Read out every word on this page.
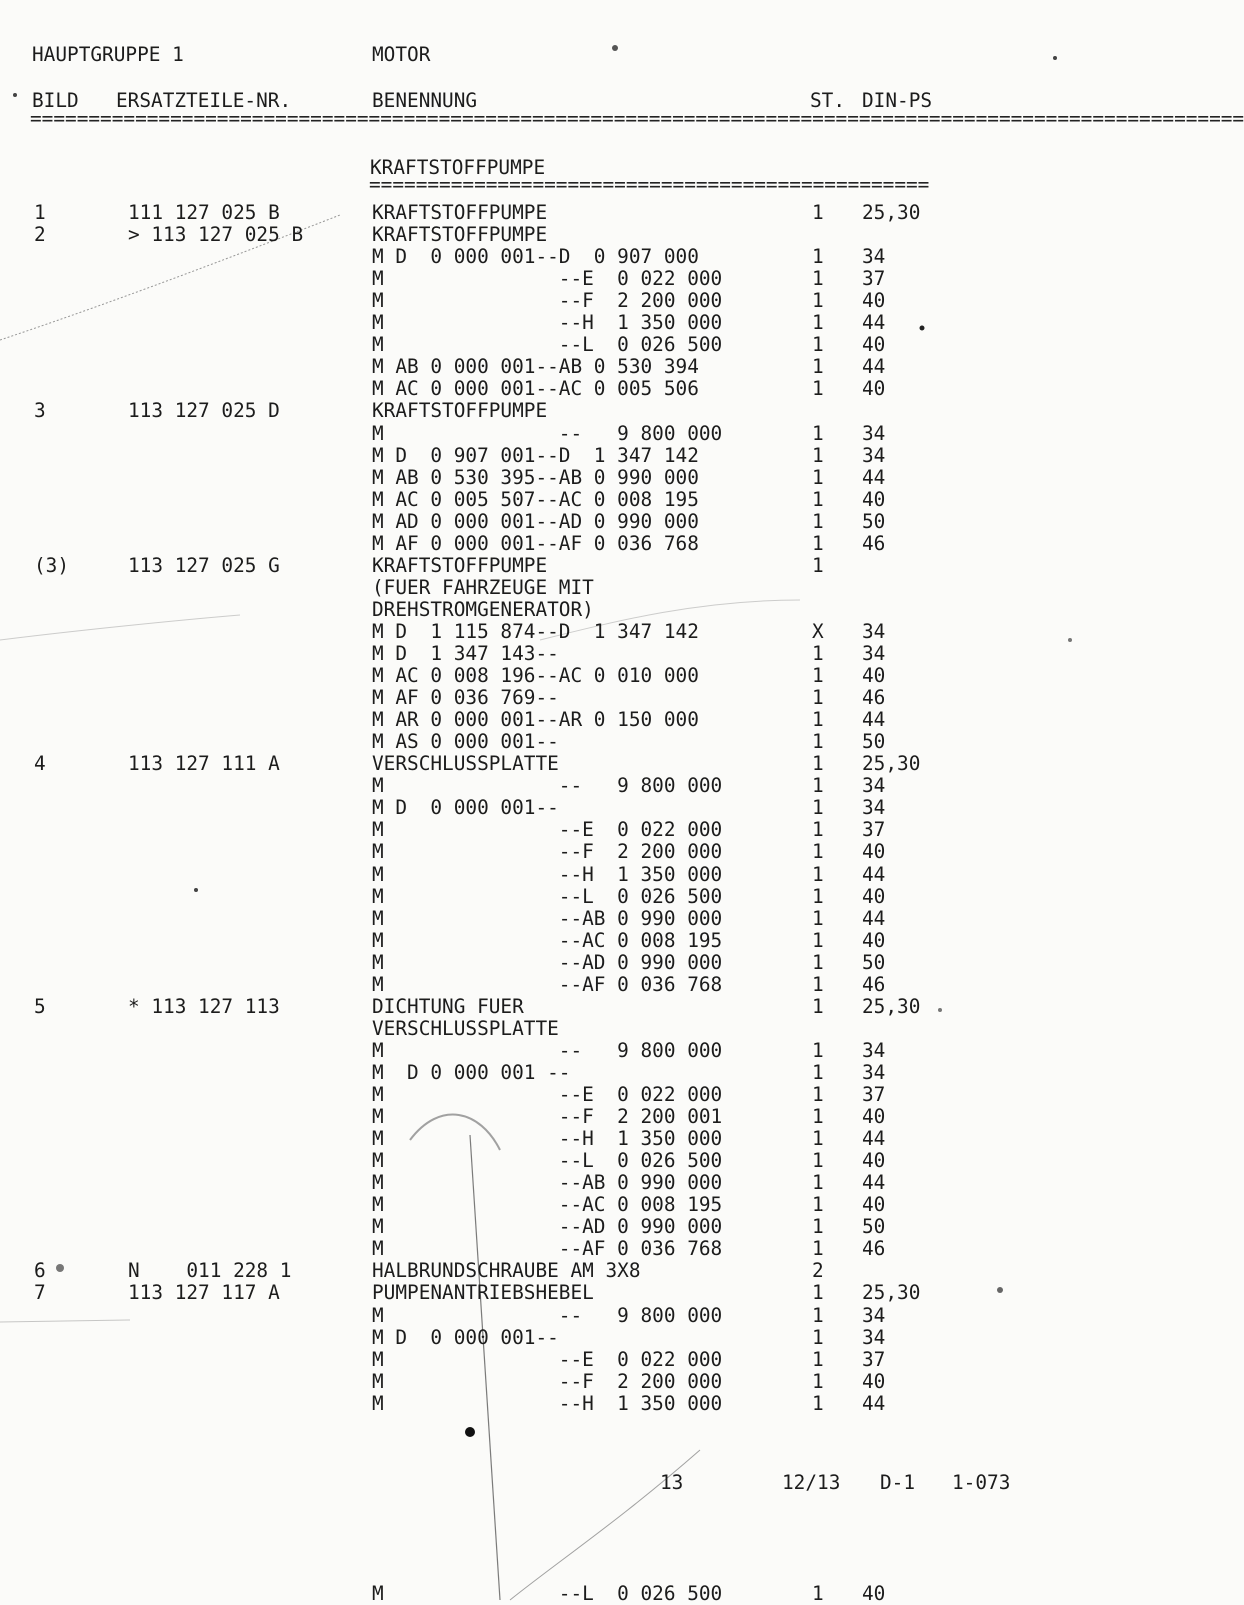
HAUPTGRUPPE 1	MOTOR
BILD ERSATZTEILE-NR.	BENENNUNG	ST. DIN-PS
========================================================================================================
KRAFTSTOFFPUMPE
================================================
1	111 127 025 B	KRAFTSTOFFPUMPE	1	25,30
2	> 113 127 025 B	KRAFTSTOFFPUMPE
M D  0 000 001--D  0 907 000	1	34
M               --E  0 022 000	1	37
M               --F  2 200 000	1	40
M               --H  1 350 000	1	44
M               --L  0 026 500	1	40
M AB 0 000 001--AB 0 530 394	1	44
M AC 0 000 001--AC 0 005 506	1	40
3	113 127 025 D	KRAFTSTOFFPUMPE
M               --   9 800 000	1	34
M D  0 907 001--D  1 347 142	1	34
M AB 0 530 395--AB 0 990 000	1	44
M AC 0 005 507--AC 0 008 195	1	40
M AD 0 000 001--AD 0 990 000	1	50
M AF 0 000 001--AF 0 036 768	1	46
(3)	113 127 025 G	KRAFTSTOFFPUMPE	1
(FUER FAHRZEUGE MIT
DREHSTROMGENERATOR)
M D  1 115 874--D  1 347 142	X	34
M D  1 347 143--	1	34
M AC 0 008 196--AC 0 010 000	1	40
M AF 0 036 769--	1	46
M AR 0 000 001--AR 0 150 000	1	44
M AS 0 000 001--	1	50
4	113 127 111 A	VERSCHLUSSPLATTE	1	25,30
M               --   9 800 000	1	34
M D  0 000 001--	1	34
M               --E  0 022 000	1	37
M               --F  2 200 000	1	40
M               --H  1 350 000	1	44
M               --L  0 026 500	1	40
M               --AB 0 990 000	1	44
M               --AC 0 008 195	1	40
M               --AD 0 990 000	1	50
M               --AF 0 036 768	1	46
5	* 113 127 113	DICHTUNG FUER	1	25,30
VERSCHLUSSPLATTE
M               --   9 800 000	1	34
M  D 0 000 001 --	1	34
M               --E  0 022 000	1	37
M               --F  2 200 001	1	40
M               --H  1 350 000	1	44
M               --L  0 026 500	1	40
M               --AB 0 990 000	1	44
M               --AC 0 008 195	1	40
M               --AD 0 990 000	1	50
M               --AF 0 036 768	1	46
6	N    011 228 1	HALBRUNDSCHRAUBE AM 3X8	2
7	113 127 117 A	PUMPENANTRIEBSHEBEL	1	25,30
M               --   9 800 000	1	34
M D  0 000 001--	1	34
M               --E  0 022 000	1	37
M               --F  2 200 000	1	40
M               --H  1 350 000	1	44
13	12/13 D-1 1-073
M               --L  0 026 500	1	40
